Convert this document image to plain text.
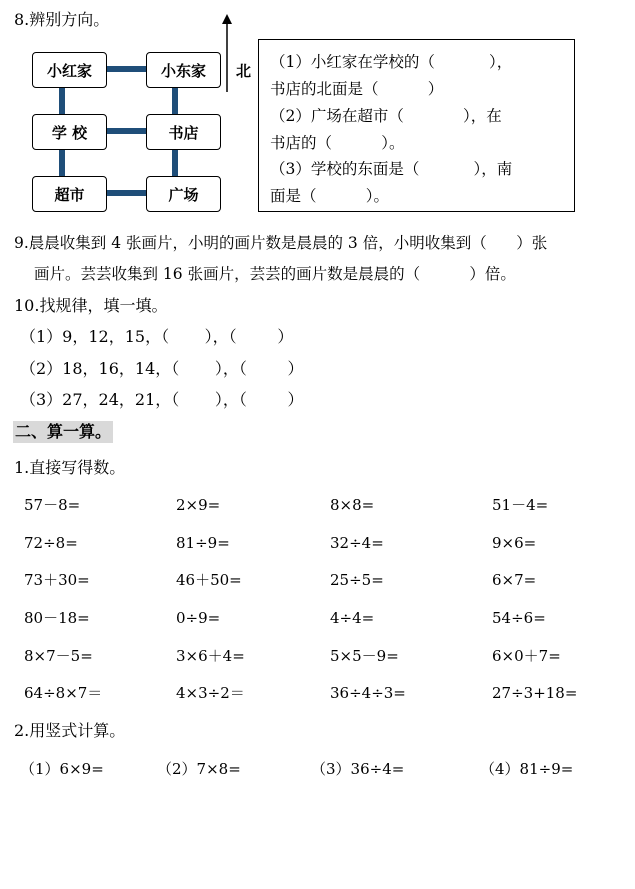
8.辨别方向。
小红家	小东家
学 校	书店
超市	广场
北 （1）小红家在学校的（           ），
书店的北面是（          ）
（2）广场在超市（            ），在
书店的（          ）。
（3）学校的东面是（           ），南
面是（          ）。
9.晨晨收集到 4 张画片，小明的画片数是晨晨的 3 倍，小明收集到（      ）张
画片。芸芸收集到 16 张画片，芸芸的画片数是晨晨的（          ）倍。
10.找规律，填一填。
（1）9，12，15，（       ），（        ）
（2）18，16，14，（       ），（        ）
（3）27，24，21，（       ），（        ）
二、算一算。
1.直接写得数。
57－8=	2×9=	8×8=	51－4=
72÷8=	81÷9=	32÷4=	9×6=
73＋30=	46＋50=	25÷5=	6×7=
80－18=	0÷9=	4÷4=	54÷6=
8×7－5=	3×6＋4=	5×5－9=	6×0＋7=
64÷8×7＝	4×3÷2＝	36÷4÷3=	27÷3+18=
2.用竖式计算。
（1）6×9=	（2）7×8=	（3）36÷4=	（4）81÷9=
